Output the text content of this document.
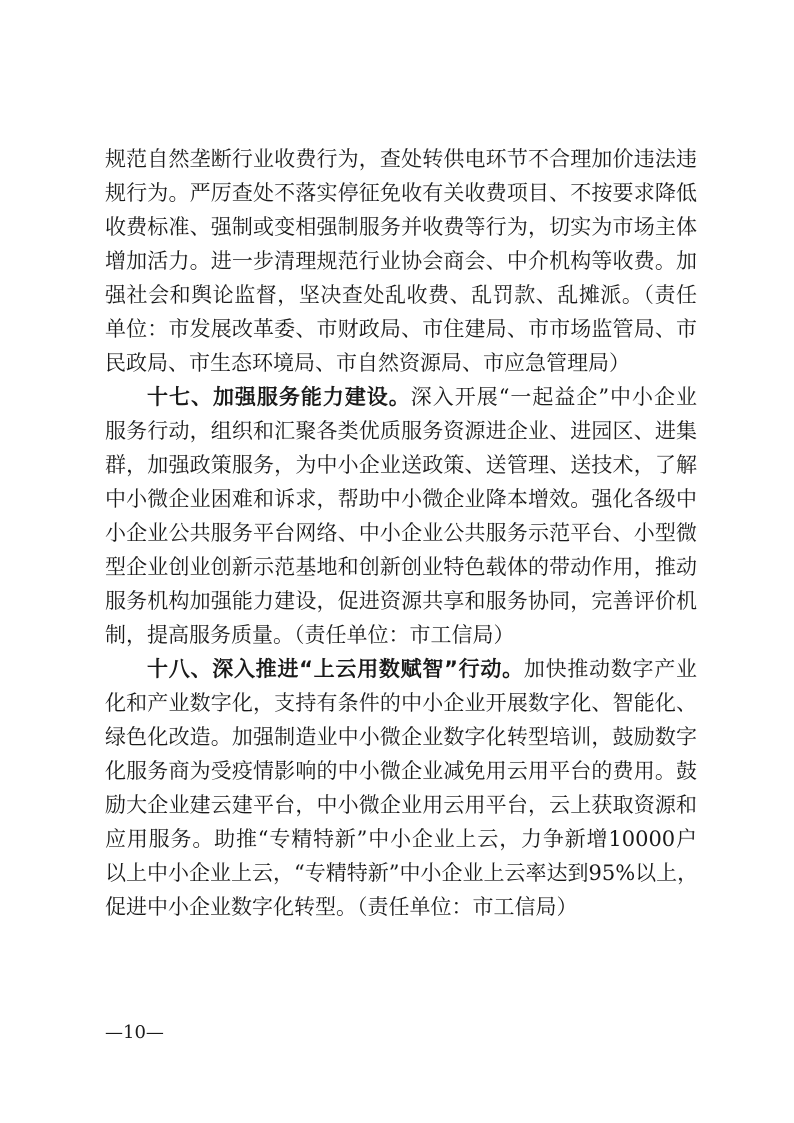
规范自然垄断行业收费行为，查处转供电环节不合理加价违法违
规行为。严厉查处不落实停征免收有关收费项目、不按要求降低
收费标准、强制或变相强制服务并收费等行为，切实为市场主体
增加活力。进一步清理规范行业协会商会、中介机构等收费。加
强社会和舆论监督，坚决查处乱收费、乱罚款、乱摊派。（责任
单位：市发展改革委、市财政局、市住建局、市市场监管局、市
民政局、市生态环境局、市自然资源局、市应急管理局）
十七、加强服务能力建设。深入开展“一起益企”中小企业
服务行动，组织和汇聚各类优质服务资源进企业、进园区、进集
群，加强政策服务，为中小企业送政策、送管理、送技术，了解
中小微企业困难和诉求，帮助中小微企业降本增效。强化各级中
小企业公共服务平台网络、中小企业公共服务示范平台、小型微
型企业创业创新示范基地和创新创业特色载体的带动作用，推动
服务机构加强能力建设，促进资源共享和服务协同，完善评价机
制，提高服务质量。（责任单位：市工信局）
十八、深入推进“上云用数赋智”行动。加快推动数字产业
化和产业数字化，支持有条件的中小企业开展数字化、智能化、
绿色化改造。加强制造业中小微企业数字化转型培训，鼓励数字
化服务商为受疫情影响的中小微企业减免用云用平台的费用。鼓
励大企业建云建平台，中小微企业用云用平台，云上获取资源和
应用服务。助推“专精特新”中小企业上云，力争新增10000户
以上中小企业上云，“专精特新”中小企业上云率达到95%以上，
促进中小企业数字化转型。（责任单位：市工信局）
—10—
